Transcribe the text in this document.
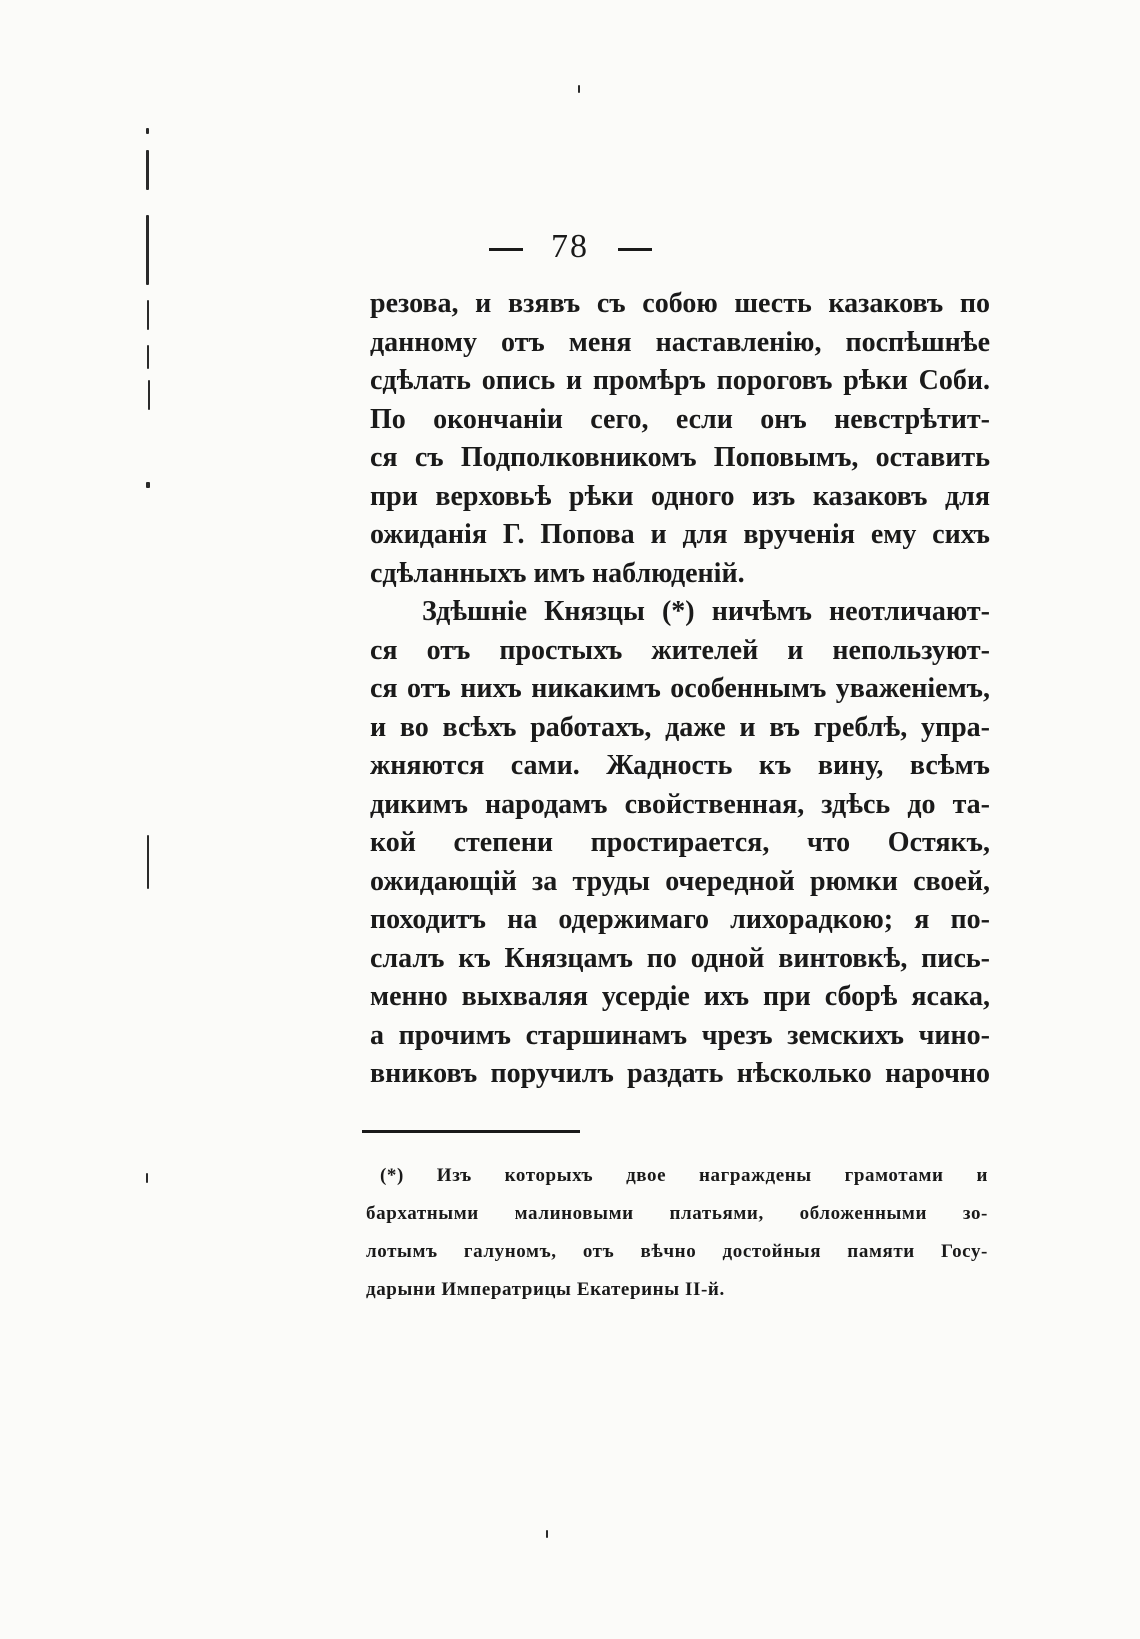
78
резова, и взявъ съ собою шесть казаковъ по
данному отъ меня наставленію, поспѣшнѣе
сдѣлать опись и промѣръ пороговъ рѣки Соби.
По окончаніи сего, если онъ невстрѣтит-
ся съ Подполковникомъ Поповымъ, оставить
при верховьѣ рѣки одного изъ казаковъ для
ожиданія Г. Попова и для врученія ему сихъ
сдѣланныхъ имъ наблюденій.
Здѣшніе Князцы (*) ничѣмъ неотличают-
ся отъ простыхъ жителей и непользуют-
ся отъ нихъ никакимъ особеннымъ уваженіемъ,
и во всѣхъ работахъ, даже и въ греблѣ, упра-
жняются сами. Жадность къ вину, всѣмъ
дикимъ народамъ свойственная, здѣсь до та-
кой степени простирается, что Остякъ,
ожидающій за труды очередной рюмки своей,
походитъ на одержимаго лихорадкою; я по-
слалъ къ Князцамъ по одной винтовкѣ, пись-
менно выхваляя усердіе ихъ при сборѣ ясака,
а прочимъ старшинамъ чрезъ земскихъ чино-
вниковъ поручилъ раздать нѣсколько нарочно
(*) Изъ которыхъ двое награждены грамотами и
бархатными малиновыми платьями, обложенными зо-
лотымъ галуномъ, отъ вѣчно достойныя памяти Госу-
дарыни Императрицы Екатерины II-й.
